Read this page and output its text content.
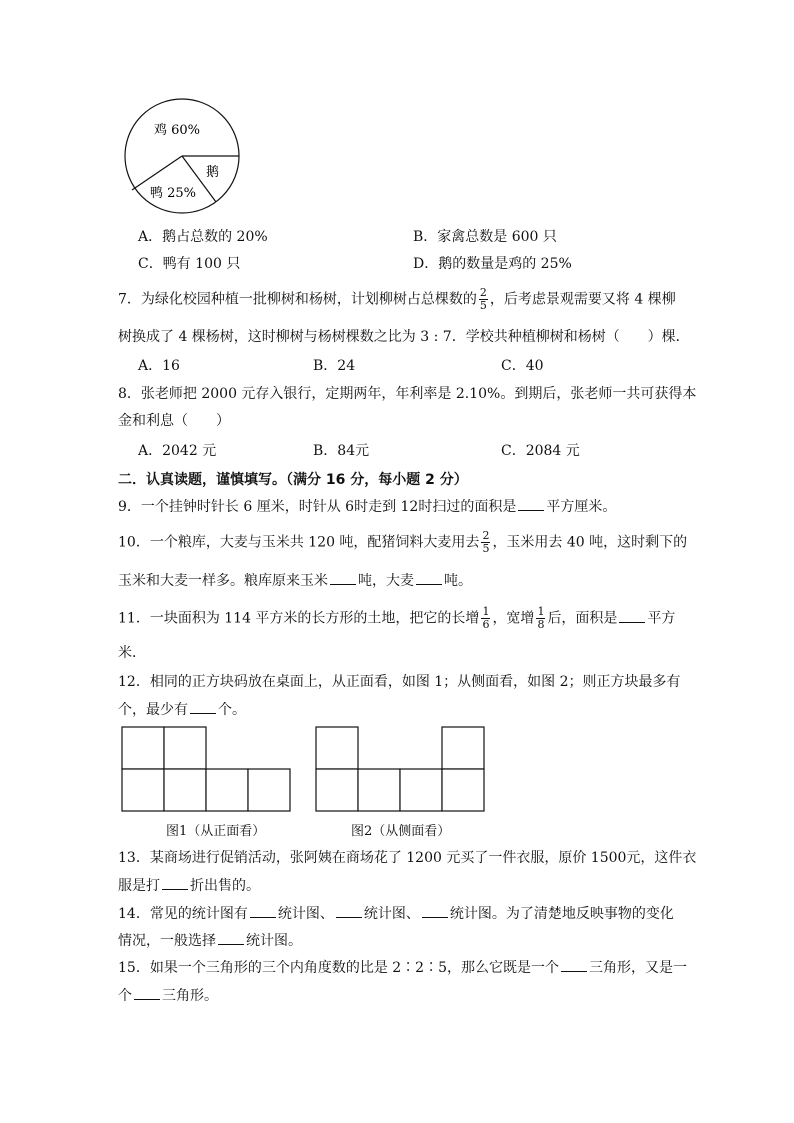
鸡 60%
鹅
鸭 25%
A．鹅占总数的 20%	B．家禽总数是 600 只
C．鸭有 100 只	D．鹅的数量是鸡的 25%
7．为绿化校园种植一批柳树和杨树，计划柳树占总棵数的 $\frac{2}{5}$ ，后考虑景观需要又将 4 棵柳
树换成了 4 棵杨树，这时柳树与杨树棵数之比为 3 : 7．学校共种植柳树和杨树（　　）棵．
A．16	B．24	C．40
8．张老师把 2000 元存入银行，定期两年，年利率是 2.10%。到期后，张老师一共可获得本
金和利息（　　）
A．2042 元	B．84元	C．2084 元
二．认真读题，谨慎填写。（满分 16 分，每小题 2 分）
9．一个挂钟时针长 6 厘米，时针从 6时走到 12时扫过的面积是 平方厘米。
10．一个粮库，大麦与玉米共 120 吨，配猪饲料大麦用去 $\frac{2}{5}$ ，玉米用去 40 吨，这时剩下的
玉米和大麦一样多。粮库原来玉米 吨，大麦 吨。
11．一块面积为 114 平方米的长方形的土地，把它的长增 $\frac{1}{6}$ ，宽增 $\frac{1}{8}$ 后，面积是 平方
米．
12．相同的正方块码放在桌面上，从正面看，如图 1；从侧面看，如图 2；则正方块最多有
个，最少有 个。
图1（从正面看）	图2（从侧面看）
13．某商场进行促销活动，张阿姨在商场花了 1200 元买了一件衣服，原价 1500元，这件衣
服是打 折出售的。
14．常见的统计图有 统计图、 统计图、 统计图。为了清楚地反映事物的变化
情况，一般选择 统计图。
15．如果一个三角形的三个内角度数的比是 2∶2∶5，那么它既是一个 三角形，又是一
个 三角形。
